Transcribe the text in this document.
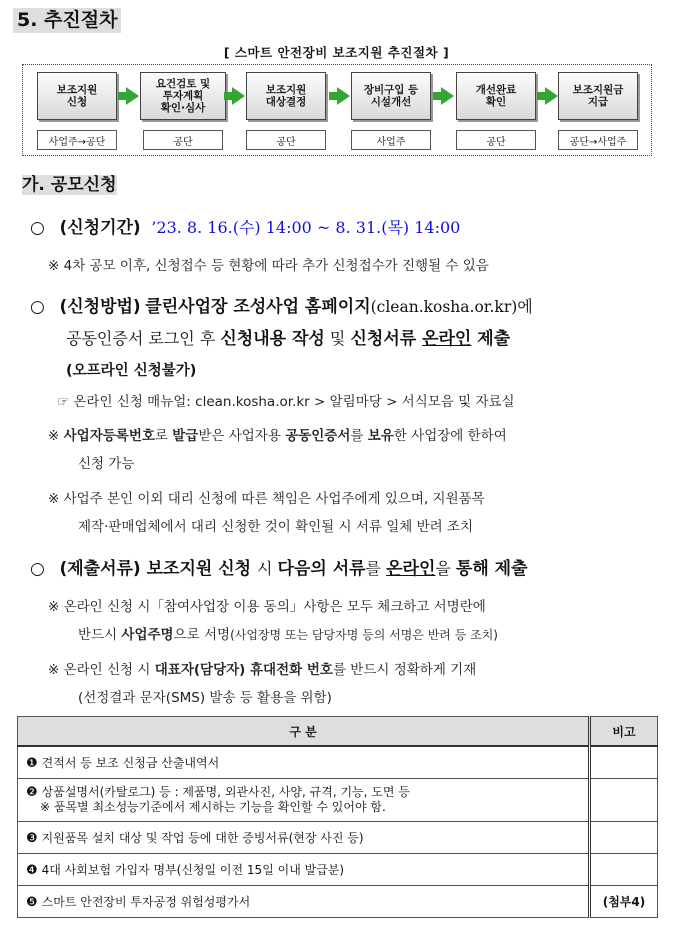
5. 추진절차
[ 스마트 안전장비 보조지원 추진절차 ]
보조지원
신청
요건검토 및
투자계획
확인·심사
보조지원
대상결정
장비구입 등
시설개선
개선완료
확인
보조지원금
지급
사업주→공단	공단	공단	사업주	공단	공단→사업주
가. 공모신청
○ (신청기간) ’23. 8. 16.(수) 14:00 ~ 8. 31.(목) 14:00
※ 4차 공모 이후, 신청접수 등 현황에 따라 추가 신청접수가 진행될 수 있음
○ (신청방법) 클린사업장 조성사업 홈페이지(clean.kosha.or.kr)에
공동인증서 로그인 후 신청내용 작성 및 신청서류 온라인 제출
(오프라인 신청불가)
☞ 온라인 신청 매뉴얼: clean.kosha.or.kr > 알림마당 > 서식모음 및 자료실
※ 사업자등록번호로 발급받은 사업자용 공동인증서를 보유한 사업장에 한하여
신청 가능
※ 사업주 본인 이외 대리 신청에 따른 책임은 사업주에게 있으며, 지원품목
제작·판매업체에서 대리 신청한 것이 확인될 시 서류 일체 반려 조치
○ (제출서류) 보조지원 신청 시 다음의 서류를 온라인을 통해 제출
※ 온라인 신청 시「참여사업장 이용 동의」사항은 모두 체크하고 서명란에
반드시 사업주명으로 서명(사업장명 또는 담당자명 등의 서명은 반려 등 조치)
※ 온라인 신청 시 대표자(담당자) 휴대전화 번호를 반드시 정확하게 기재
(선정결과 문자(SMS) 발송 등 활용을 위함)
구 분	비고
❶ 견적서 등 보조 신청금 산출내역서	
❷ 상품설명서(카탈로그) 등 : 제품명, 외관사진, 사양, 규격, 기능, 도면 등
※ 품목별 최소성능기준에서 제시하는 기능을 확인할 수 있어야 함.	
❸ 지원품목 설치 대상 및 작업 등에 대한 증빙서류(현장 사진 등)	
❹ 4대 사회보험 가입자 명부(신청일 이전 15일 이내 발급분)	
❺ 스마트 안전장비 투자공정 위험성평가서	(첨부4)
